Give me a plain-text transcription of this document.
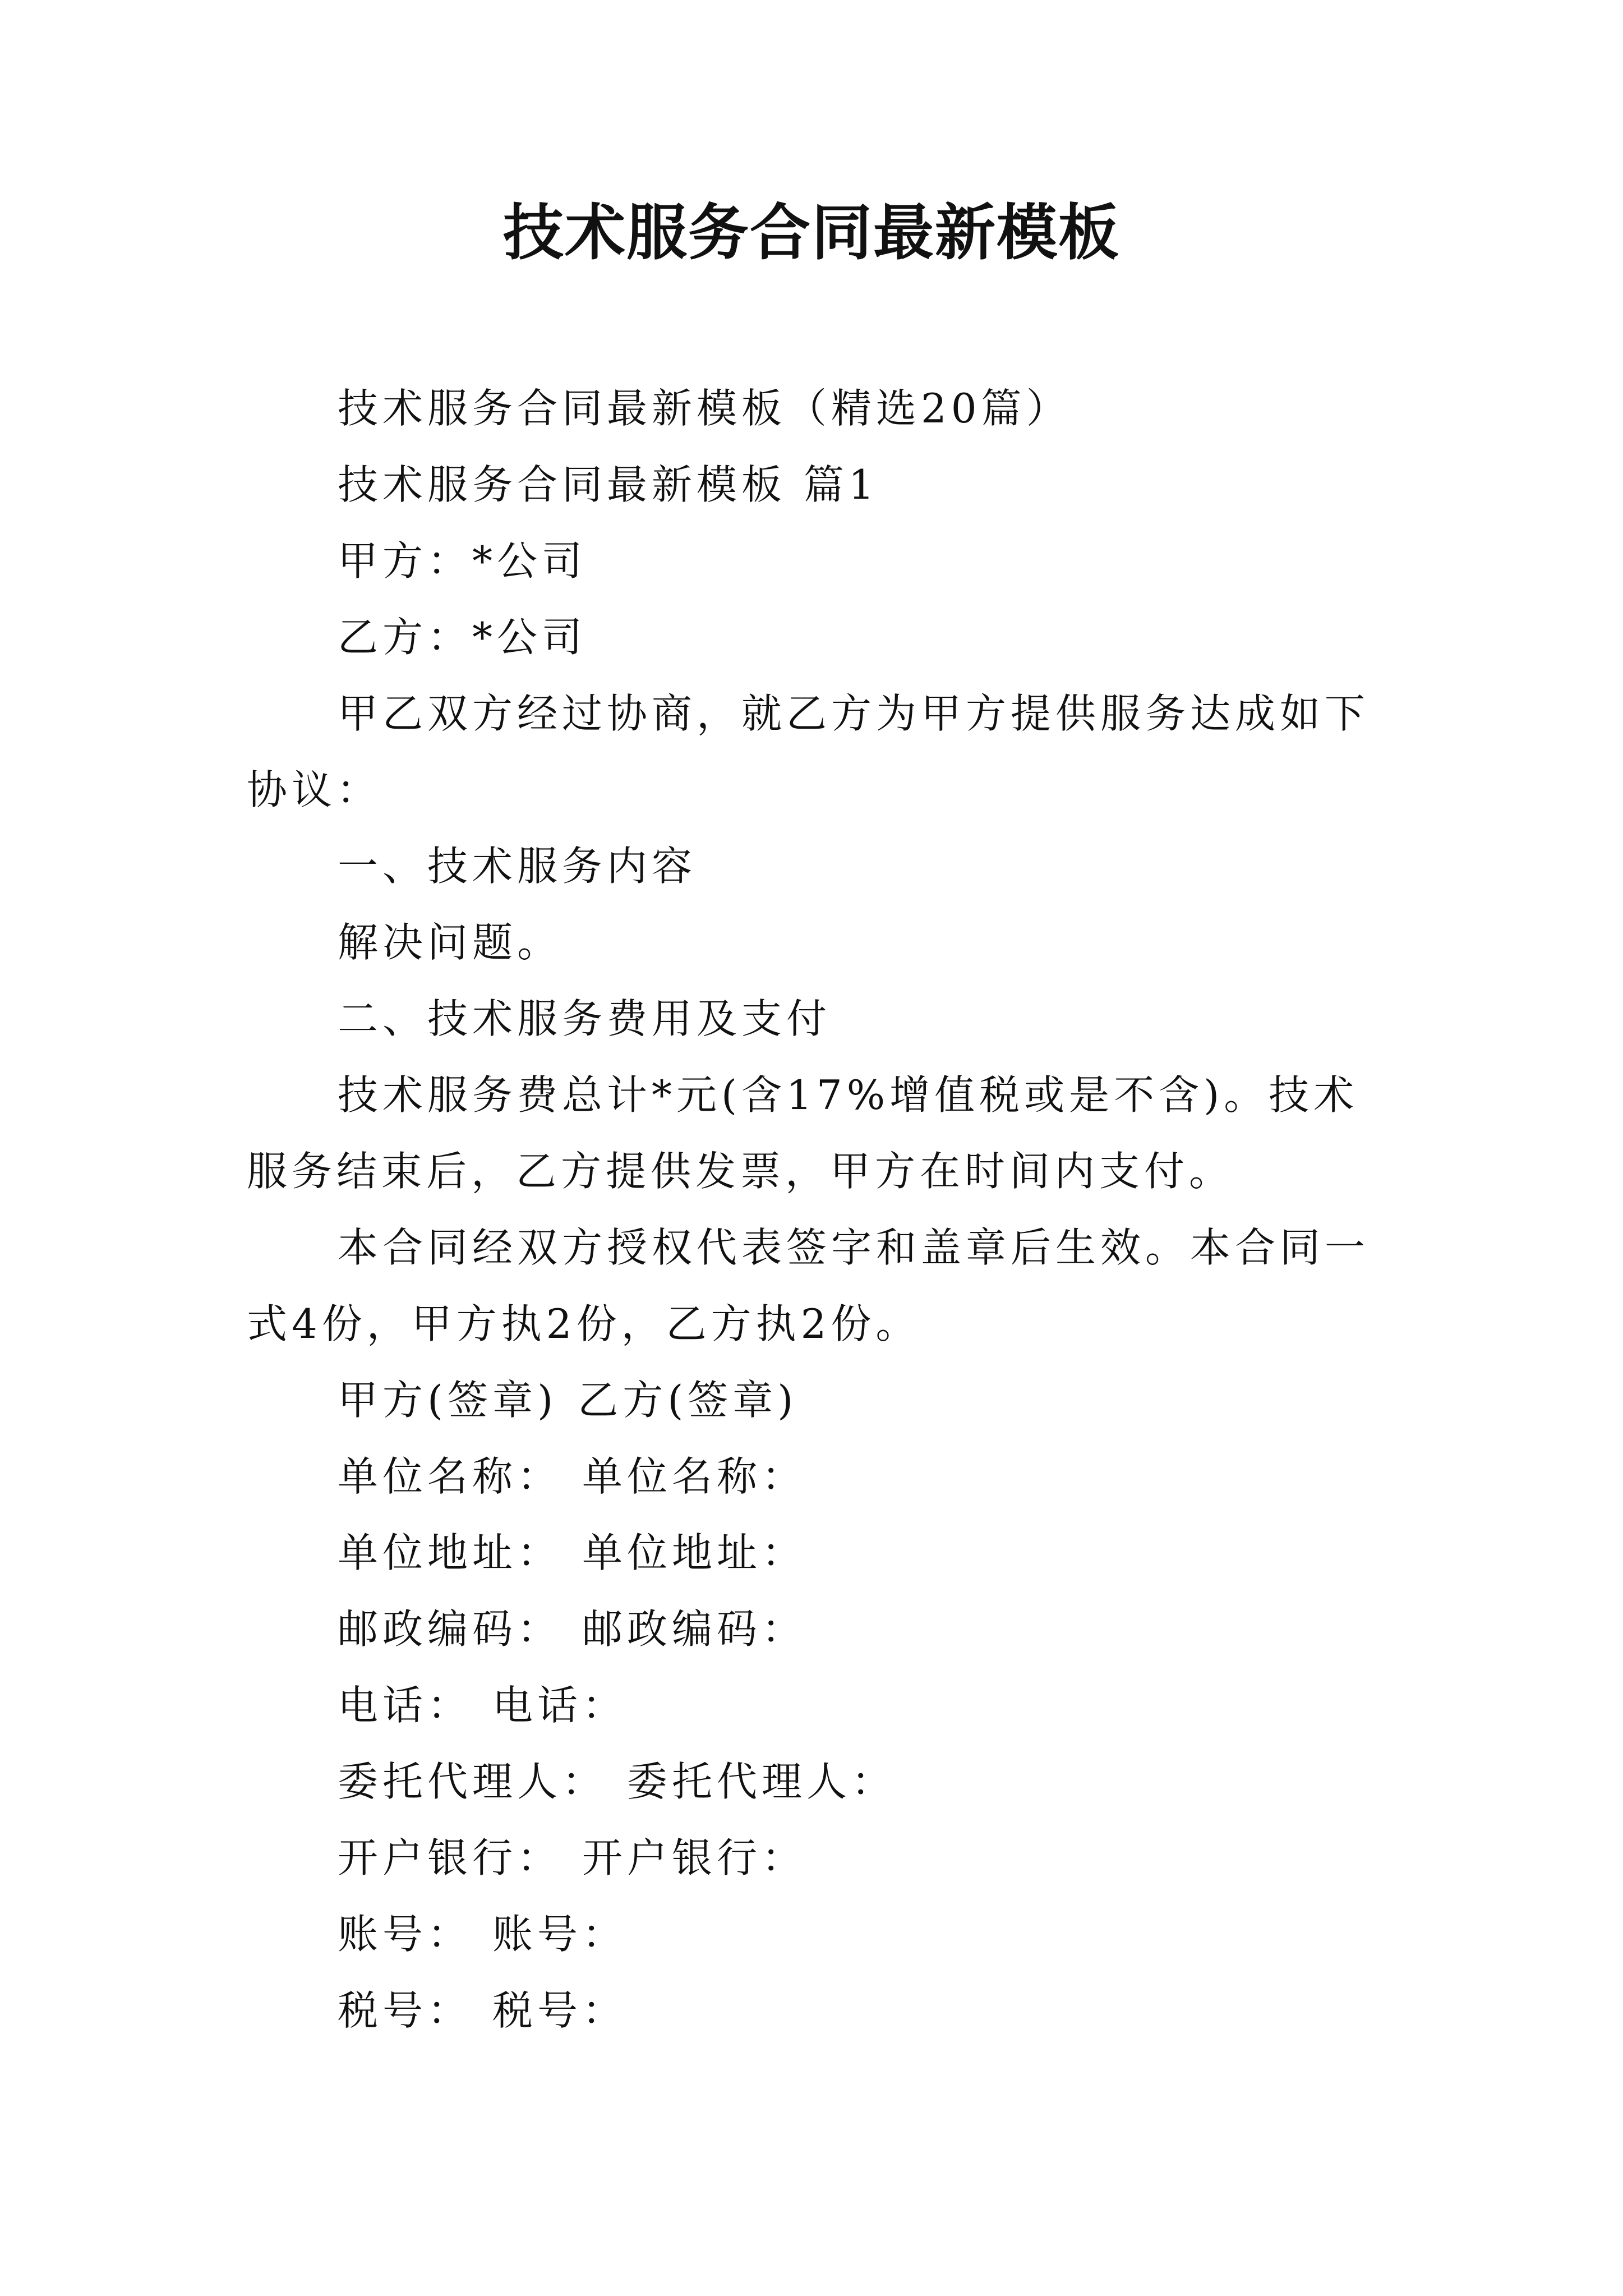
技术服务合同最新模板

技术服务合同最新模板（精选20篇）

技术服务合同最新模板 篇1

甲方：*公司

乙方：*公司

甲乙双方经过协商，就乙方为甲方提供服务达成如下协议：

一、技术服务内容

解决问题。

二、技术服务费用及支付

技术服务费总计*元(含17%增值税或是不含)。技术服务结束后，乙方提供发票，甲方在时间内支付。

本合同经双方授权代表签字和盖章后生效。本合同一式4份，甲方执2份，乙方执2份。

甲方(签章) 乙方(签章)

单位名称： 单位名称：

单位地址： 单位地址：

邮政编码： 邮政编码：

电话： 电话：

委托代理人： 委托代理人：

开户银行： 开户银行：

账号： 账号：

税号： 税号：
